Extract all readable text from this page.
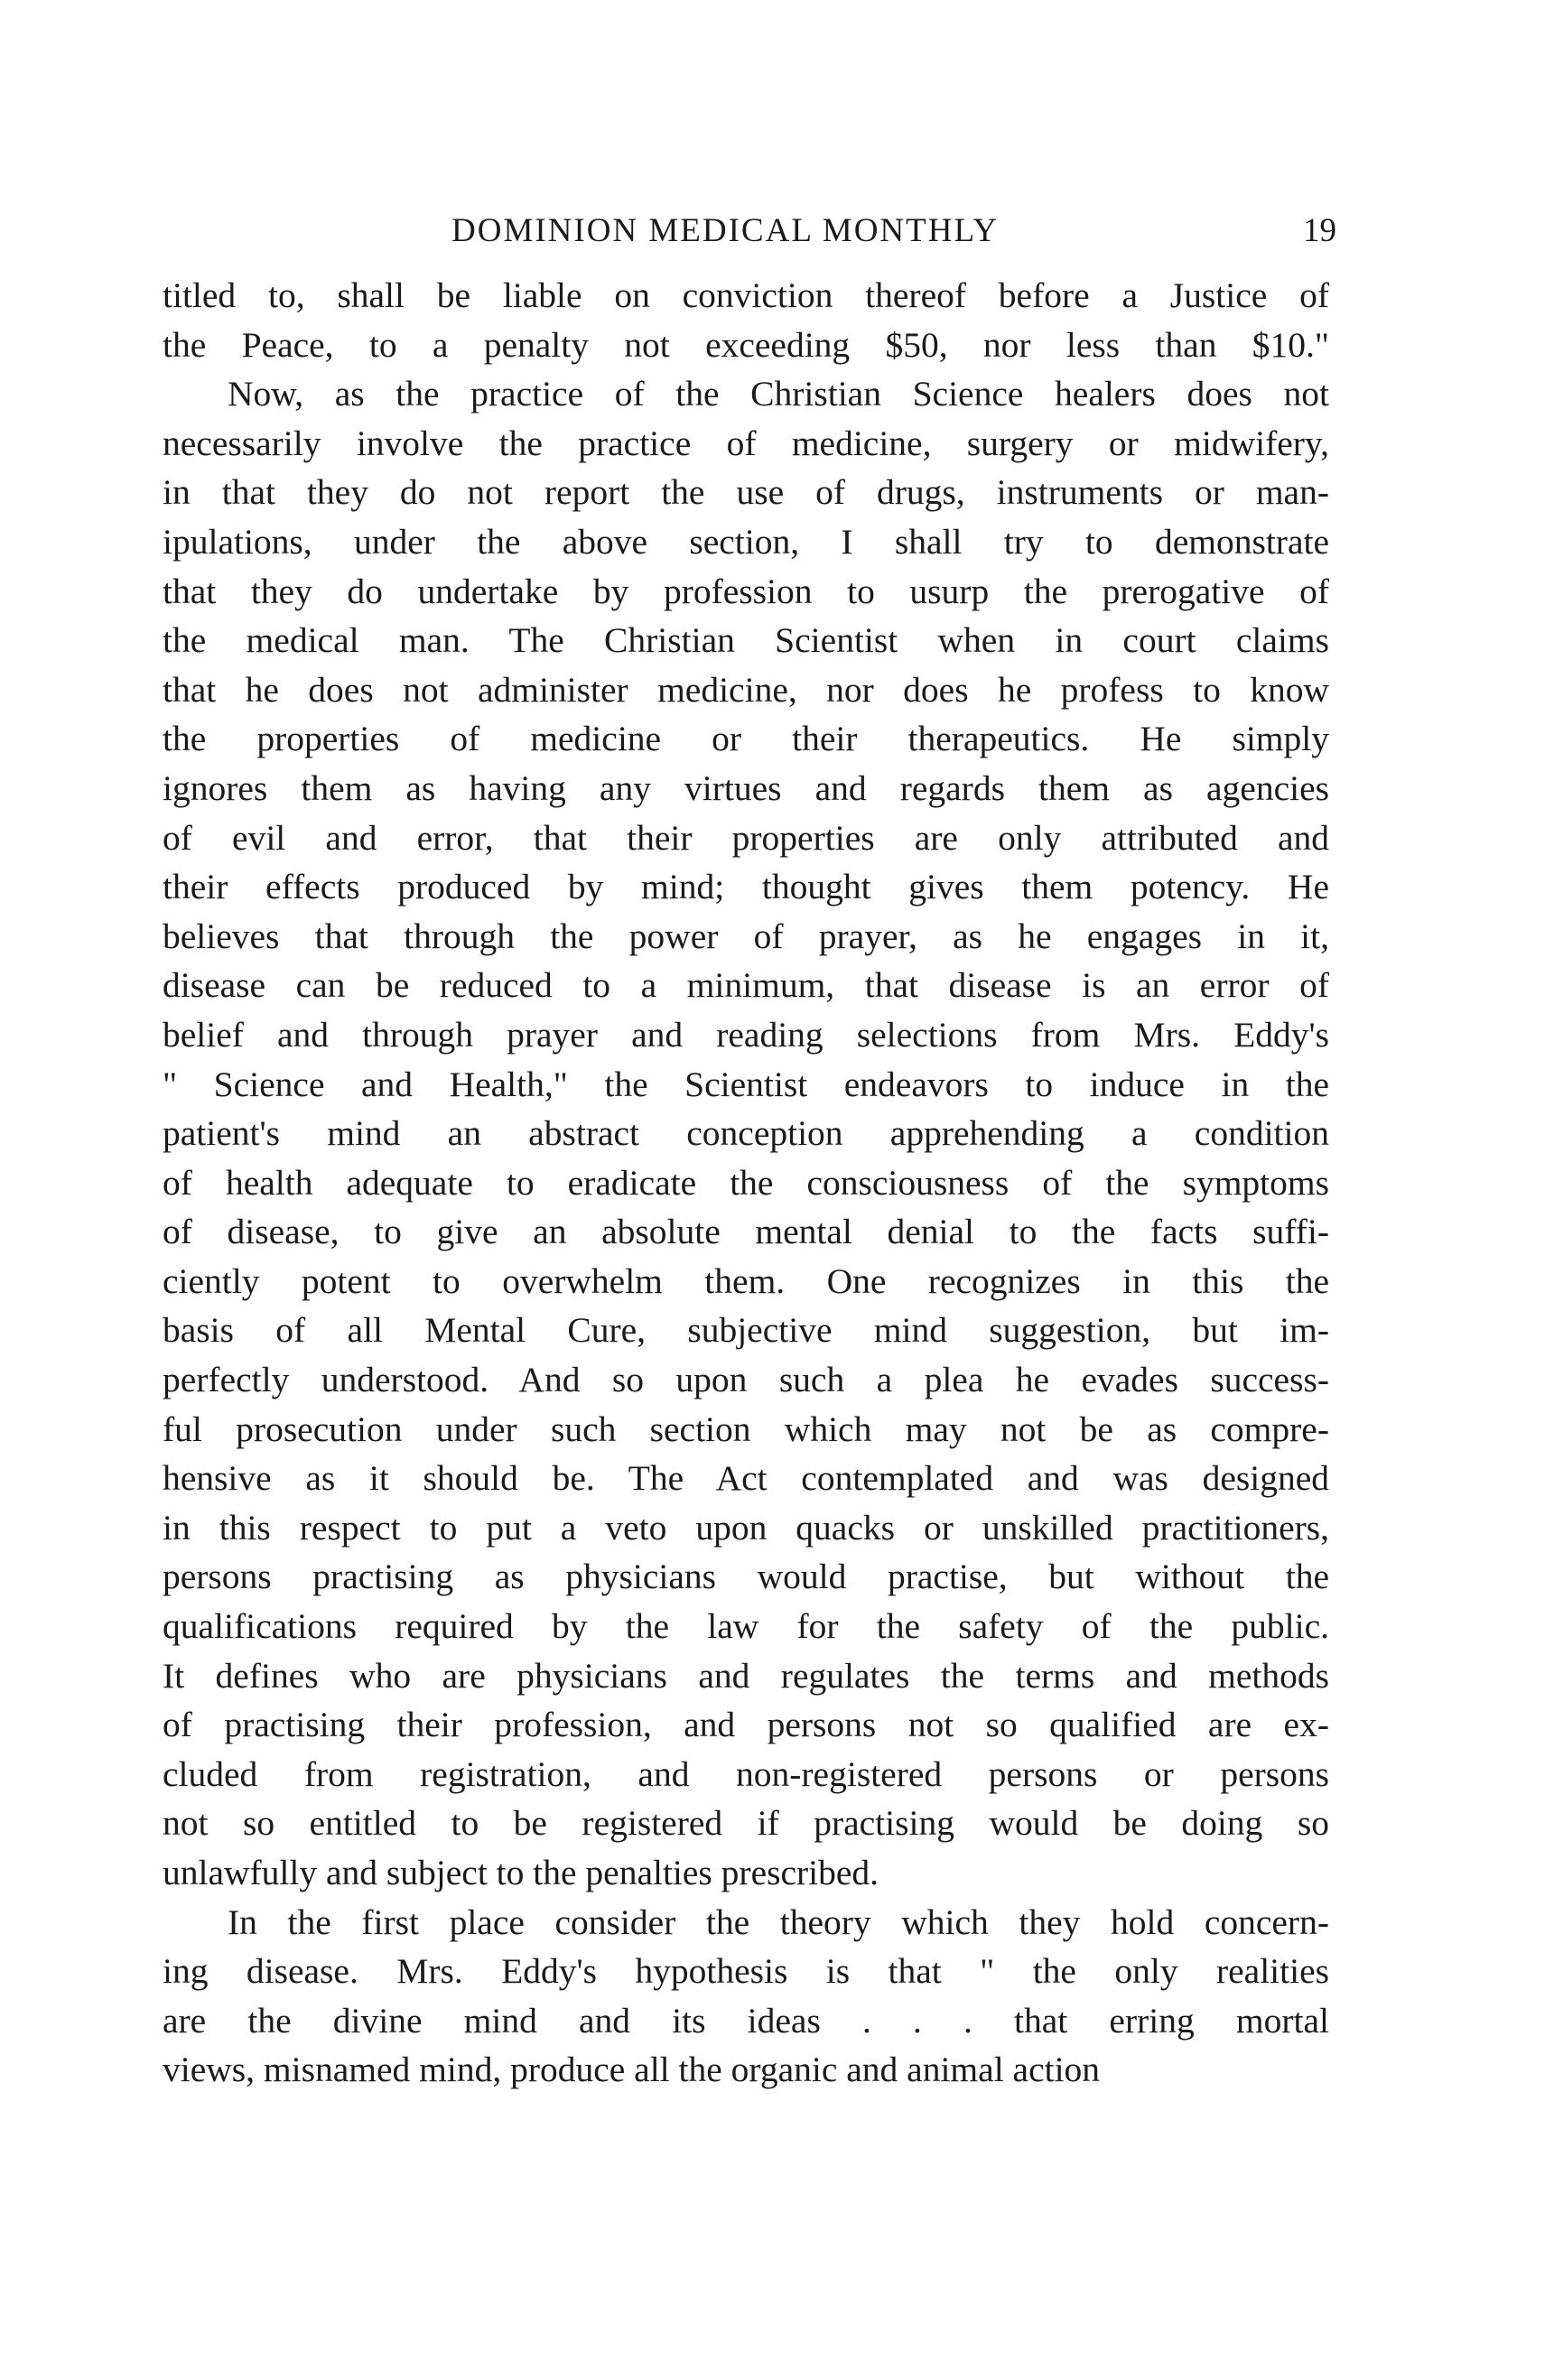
DOMINION MEDICAL MONTHLY	19
titled to, shall be liable on conviction thereof before a Justice of
the Peace, to a penalty not exceeding $50, nor less than $10."
Now, as the practice of the Christian Science healers does not
necessarily involve the practice of medicine, surgery or midwifery,
in that they do not report the use of drugs, instruments or man-
ipulations, under the above section, I shall try to demonstrate
that they do undertake by profession to usurp the prerogative of
the medical man. The Christian Scientist when in court claims
that he does not administer medicine, nor does he profess to know
the properties of medicine or their therapeutics. He simply
ignores them as having any virtues and regards them as agencies
of evil and error, that their properties are only attributed and
their effects produced by mind; thought gives them potency. He
believes that through the power of prayer, as he engages in it,
disease can be reduced to a minimum, that disease is an error of
belief and through prayer and reading selections from Mrs. Eddy's
" Science and Health," the Scientist endeavors to induce in the
patient's mind an abstract conception apprehending a condition
of health adequate to eradicate the consciousness of the symptoms
of disease, to give an absolute mental denial to the facts suffi-
ciently potent to overwhelm them. One recognizes in this the
basis of all Mental Cure, subjective mind suggestion, but im-
perfectly understood. And so upon such a plea he evades success-
ful prosecution under such section which may not be as compre-
hensive as it should be. The Act contemplated and was designed
in this respect to put a veto upon quacks or unskilled practitioners,
persons practising as physicians would practise, but without the
qualifications required by the law for the safety of the public.
It defines who are physicians and regulates the terms and methods
of practising their profession, and persons not so qualified are ex-
cluded from registration, and non-registered persons or persons
not so entitled to be registered if practising would be doing so
unlawfully and subject to the penalties prescribed.
In the first place consider the theory which they hold concern-
ing disease. Mrs. Eddy's hypothesis is that " the only realities
are the divine mind and its ideas . . . that erring mortal
views, misnamed mind, produce all the organic and animal action
